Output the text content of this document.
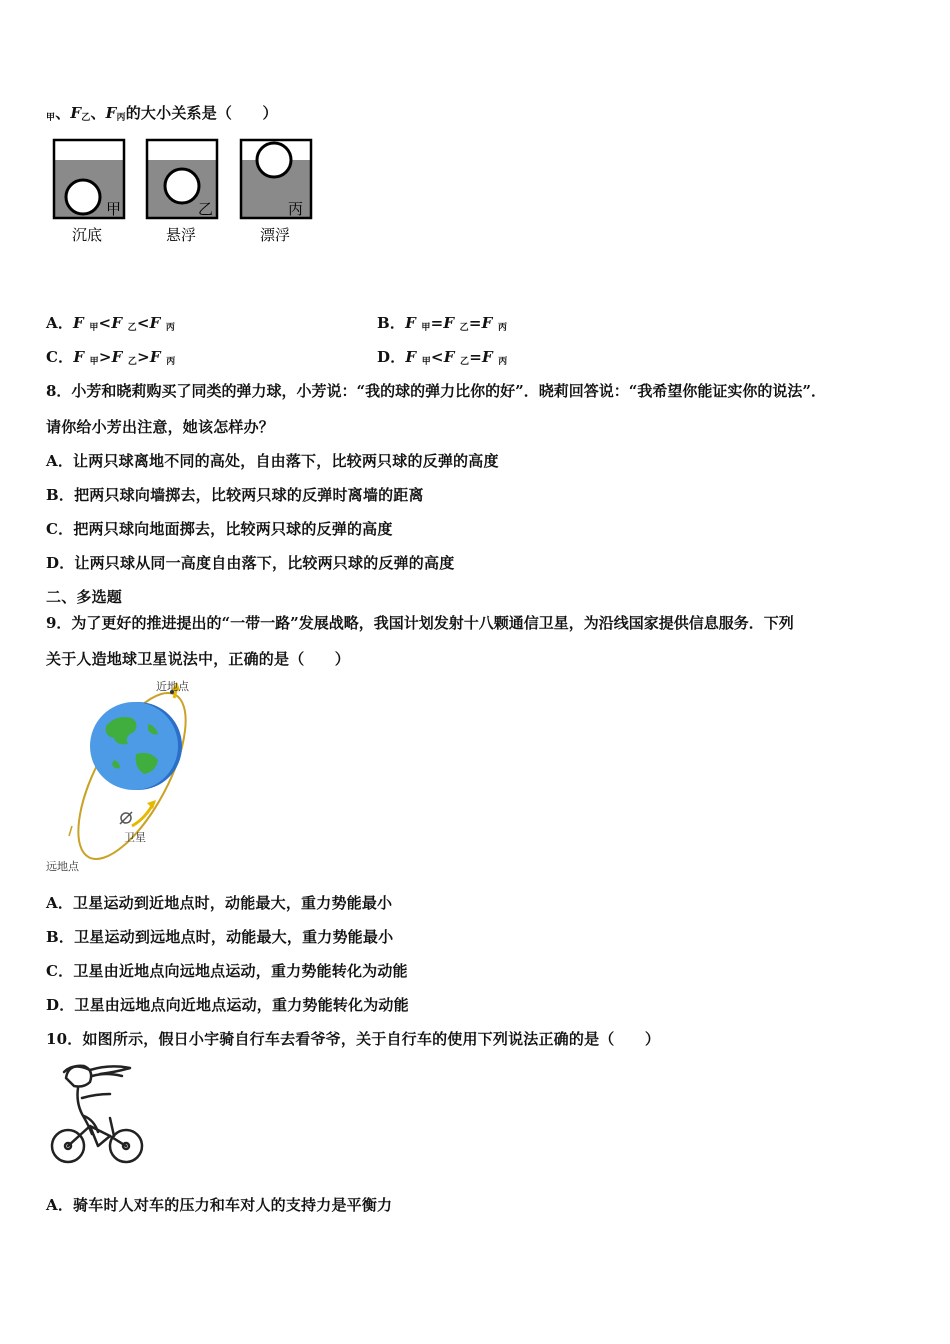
$_甲$、$F_乙$、$F_丙$的大小关系是（　　）
甲
沉底
乙
悬浮
丙
漂浮
A．F $_甲$<F $_乙$<F $_丙$	B．F $_甲$=F $_乙$=F $_丙$
C．F $_甲$>F $_乙$>F $_丙$	D．F $_甲$<F $_乙$=F $_丙$
8．小芳和晓莉购买了同类的弹力球，小芳说：“我的球的弹力比你的好”．晓莉回答说：“我希望你能证实你的说法”．
请你给小芳出注意，她该怎样办？
A．让两只球离地不同的高处，自由落下，比较两只球的反弹的高度
B．把两只球向墙掷去，比较两只球的反弹时离墙的距离
C．把两只球向地面掷去，比较两只球的反弹的高度
D．让两只球从同一高度自由落下，比较两只球的反弹的高度
二、多选题
9．为了更好的推进提出的“一带一路”发展战略，我国计划发射十八颗通信卫星，为沿线国家提供信息服务．下列
关于人造地球卫星说法中，正确的是（　　）
近地点
卫星
远地点
A．卫星运动到近地点时，动能最大，重力势能最小
B．卫星运动到远地点时，动能最大，重力势能最小
C．卫星由近地点向远地点运动，重力势能转化为动能
D．卫星由远地点向近地点运动，重力势能转化为动能
10．如图所示，假日小宇骑自行车去看爷爷，关于自行车的使用下列说法正确的是（　　）
A．骑车时人对车的压力和车对人的支持力是平衡力
